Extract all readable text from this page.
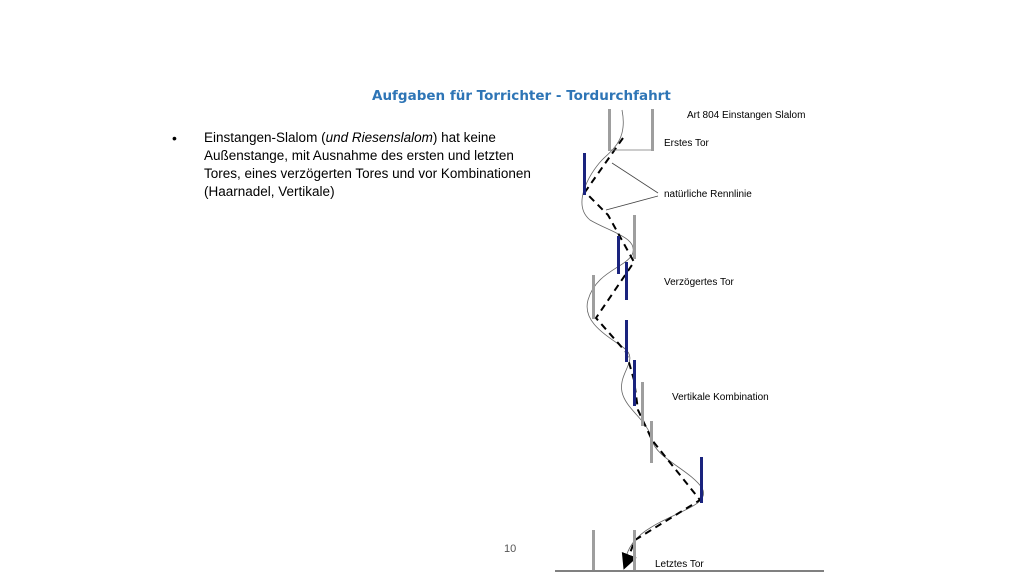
Aufgaben für Torrichter - Tordurchfahrt
• Einstangen-Slalom (und Riesenslalom) hat keine Außenstange, mit Ausnahme des ersten und letzten Tores, eines verzögerten Tores und vor Kombinationen (Haarnadel, Vertikale)
Art 804 Einstangen Slalom
Erstes Tor
natürliche Rennlinie
Verzögertes Tor
Vertikale Kombination
Letztes Tor
10
